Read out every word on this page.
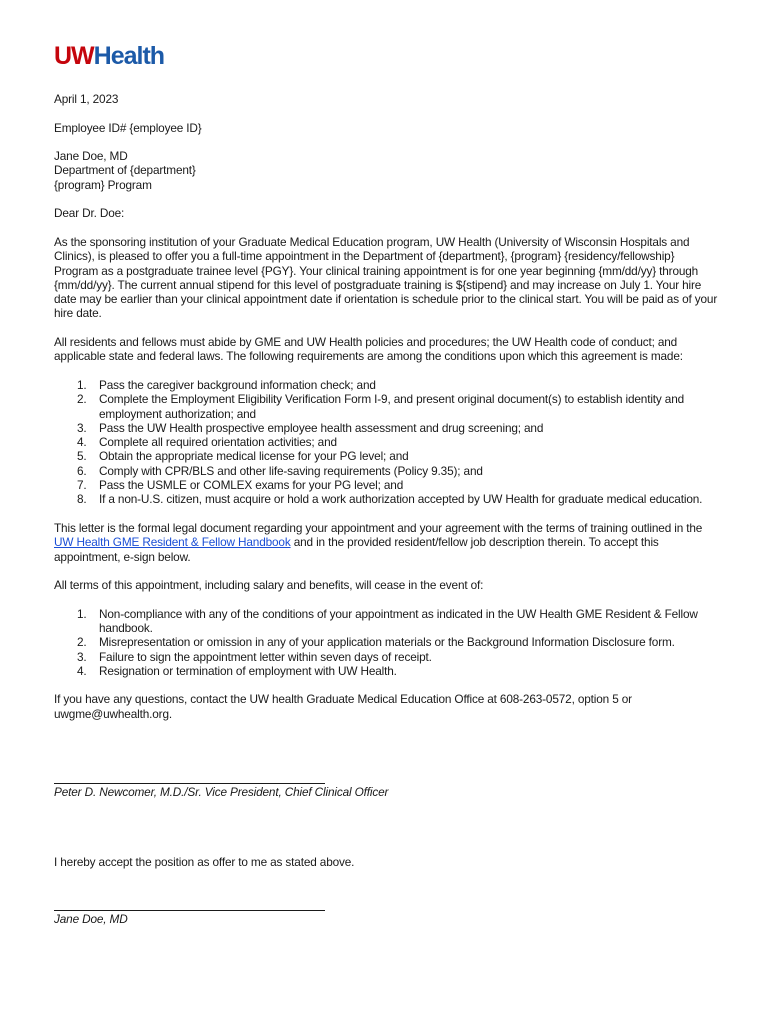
UWHealth

April 1, 2023

Employee ID# {employee ID}

Jane Doe, MD

Department of {department}

{program} Program

Dear Dr. Doe:

As the sponsoring institution of your Graduate Medical Education program, UW Health (University of Wisconsin Hospitals and Clinics), is pleased to offer you a full-time appointment in the Department of {department}, {program} {residency/fellowship} Program as a postgraduate trainee level {PGY}. Your clinical training appointment is for one year beginning {mm/dd/yy} through {mm/dd/yy}. The current annual stipend for this level of postgraduate training is ${stipend} and may increase on July 1. Your hire date may be earlier than your clinical appointment date if orientation is schedule prior to the clinical start. You will be paid as of your hire date.

All residents and fellows must abide by GME and UW Health policies and procedures; the UW Health code of conduct; and applicable state and federal laws. The following requirements are among the conditions upon which this agreement is made:

1. Pass the caregiver background information check; and
2. Complete the Employment Eligibility Verification Form I-9, and present original document(s) to establish identity and employment authorization; and
3. Pass the UW Health prospective employee health assessment and drug screening; and
4. Complete all required orientation activities; and
5. Obtain the appropriate medical license for your PG level; and
6. Comply with CPR/BLS and other life-saving requirements (Policy 9.35); and
7. Pass the USMLE or COMLEX exams for your PG level; and
8. If a non-U.S. citizen, must acquire or hold a work authorization accepted by UW Health for graduate medical education.

This letter is the formal legal document regarding your appointment and your agreement with the terms of training outlined in the UW Health GME Resident & Fellow Handbook and in the provided resident/fellow job description therein. To accept this appointment, e-sign below.

All terms of this appointment, including salary and benefits, will cease in the event of:

1. Non-compliance with any of the conditions of your appointment as indicated in the UW Health GME Resident & Fellow handbook.
2. Misrepresentation or omission in any of your application materials or the Background Information Disclosure form.
3. Failure to sign the appointment letter within seven days of receipt.
4. Resignation or termination of employment with UW Health.

If you have any questions, contact the UW health Graduate Medical Education Office at 608-263-0572, option 5 or uwgme@uwhealth.org.

Peter D. Newcomer, M.D./Sr. Vice President, Chief Clinical Officer
I hereby accept the position as offer to me as stated above.
Jane Doe, MD
